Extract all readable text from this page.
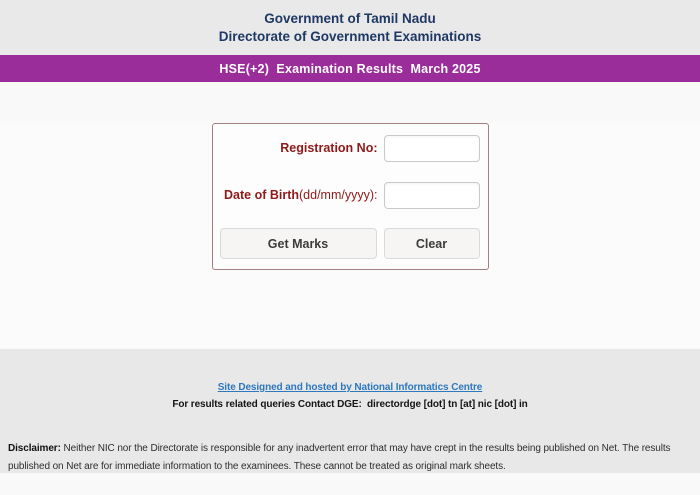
Government of Tamil Nadu
Directorate of Government Examinations
HSE(+2)  Examination Results  March 2025
Registration No:
Date of Birth(dd/mm/yyyy):
Get Marks	Clear
Site Designed and hosted by National Informatics Centre
For results related queries Contact DGE:  directordge [dot] tn [at] nic [dot] in
Disclaimer: Neither NIC nor the Directorate is responsible for any inadvertent error that may have crept in the results being published on Net. The results published on Net are for immediate information to the examinees. These cannot be treated as original mark sheets.
